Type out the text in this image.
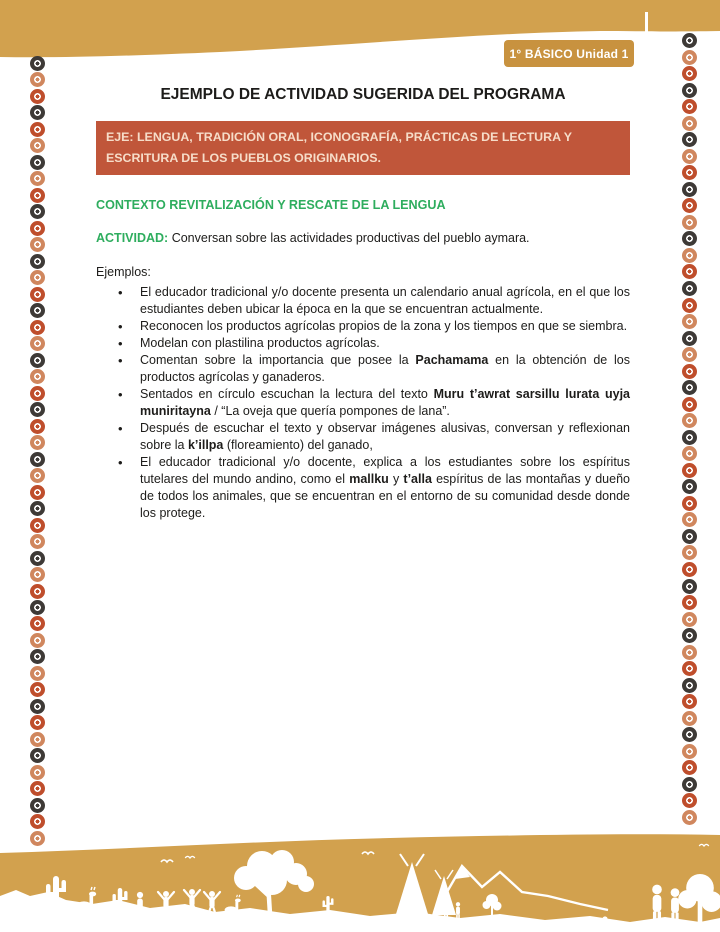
1° BÁSICO Unidad 1
EJEMPLO DE ACTIVIDAD SUGERIDA DEL PROGRAMA
EJE: LENGUA, TRADICIÓN ORAL, ICONOGRAFÍA, PRÁCTICAS DE LECTURA Y ESCRITURA DE LOS PUEBLOS ORIGINARIOS.
CONTEXTO REVITALIZACIÓN Y RESCATE DE LA LENGUA

ACTIVIDAD: Conversan sobre las actividades productivas del pueblo aymara.

Ejemplos:

• El educador tradicional y/o docente presenta un calendario anual agrícola, en el que los estudiantes deben ubicar la época en la que se encuentran actualmente.
• Reconocen los productos agrícolas propios de la zona y los tiempos en que se siembra.
• Modelan con plastilina productos agrícolas.
• Comentan sobre la importancia que posee la Pachamama en la obtención de los productos agrícolas y ganaderos.
• Sentados en círculo escuchan la lectura del texto Muru t’awrat sarsillu lurata uyja muniritayna / “La oveja que quería pompones de lana”.
• Después de escuchar el texto y observar imágenes alusivas, conversan y reflexionan sobre la k’illpa (floreamiento) del ganado,
• El educador tradicional y/o docente, explica a los estudiantes sobre los espíritus tutelares del mundo andino, como el mallku y t’alla espíritus de las montañas y dueño de todos los animales, que se encuentran en el entorno de su comunidad desde donde los protege.
